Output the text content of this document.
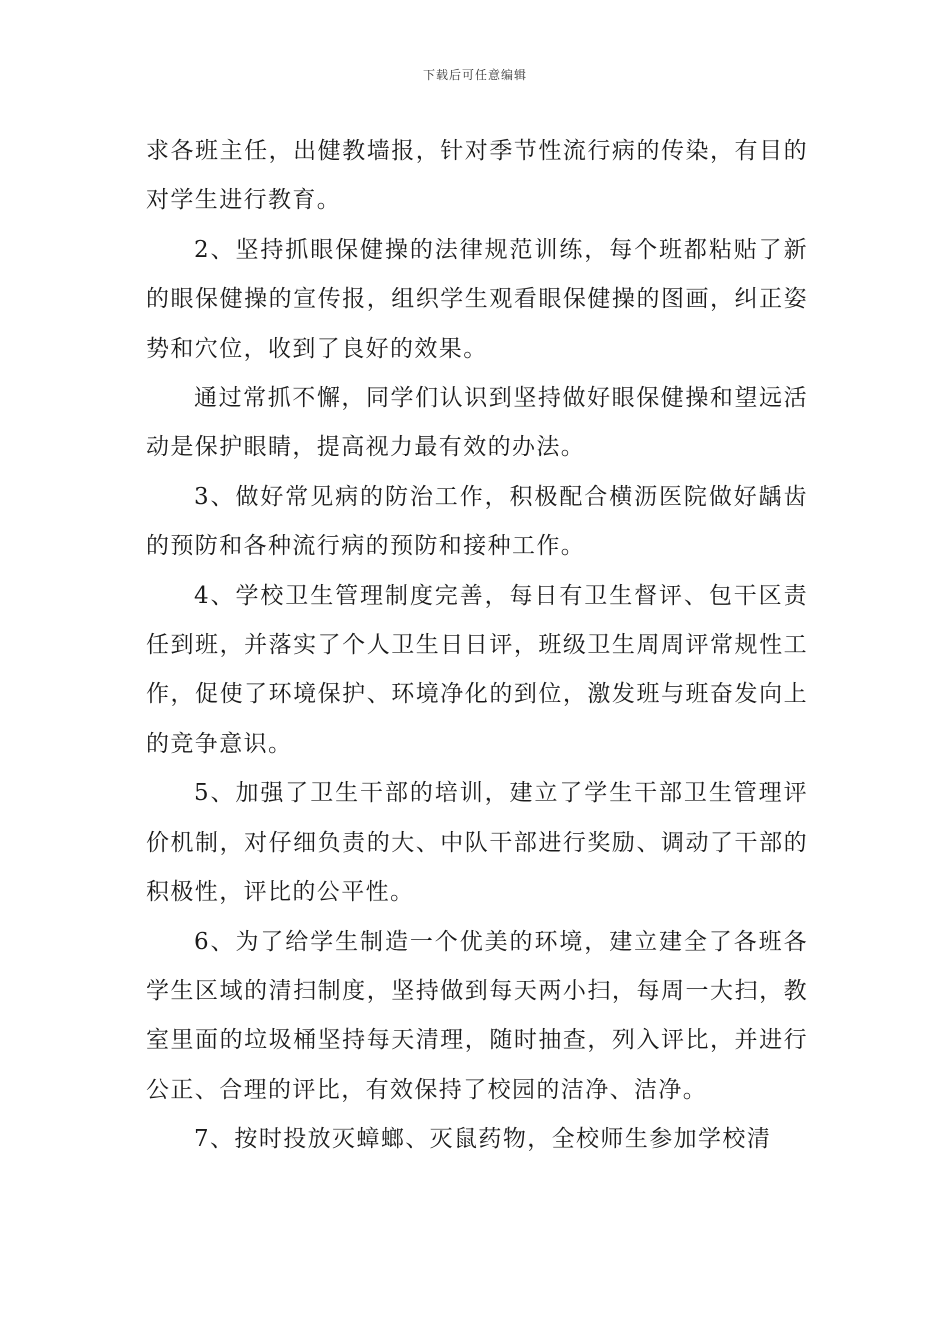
下载后可任意编辑

求各班主任，出健教墙报，针对季节性流行病的传染，有目的对学生进行教育。

2、坚持抓眼保健操的法律规范训练，每个班都粘贴了新的眼保健操的宣传报，组织学生观看眼保健操的图画，纠正姿势和穴位，收到了良好的效果。

通过常抓不懈，同学们认识到坚持做好眼保健操和望远活动是保护眼睛，提高视力最有效的办法。

3、做好常见病的防治工作，积极配合横沥医院做好龋齿的预防和各种流行病的预防和接种工作。

4、学校卫生管理制度完善，每日有卫生督评、包干区责任到班，并落实了个人卫生日日评，班级卫生周周评常规性工作，促使了环境保护、环境净化的到位，激发班与班奋发向上的竞争意识。

5、加强了卫生干部的培训，建立了学生干部卫生管理评价机制，对仔细负责的大、中队干部进行奖励、调动了干部的积极性，评比的公平性。

6、为了给学生制造一个优美的环境，建立建全了各班各学生区域的清扫制度，坚持做到每天两小扫，每周一大扫，教室里面的垃圾桶坚持每天清理，随时抽查，列入评比，并进行公正、合理的评比，有效保持了校园的洁净、洁净。

7、按时投放灭蟑螂、灭鼠药物，全校师生参加学校清
